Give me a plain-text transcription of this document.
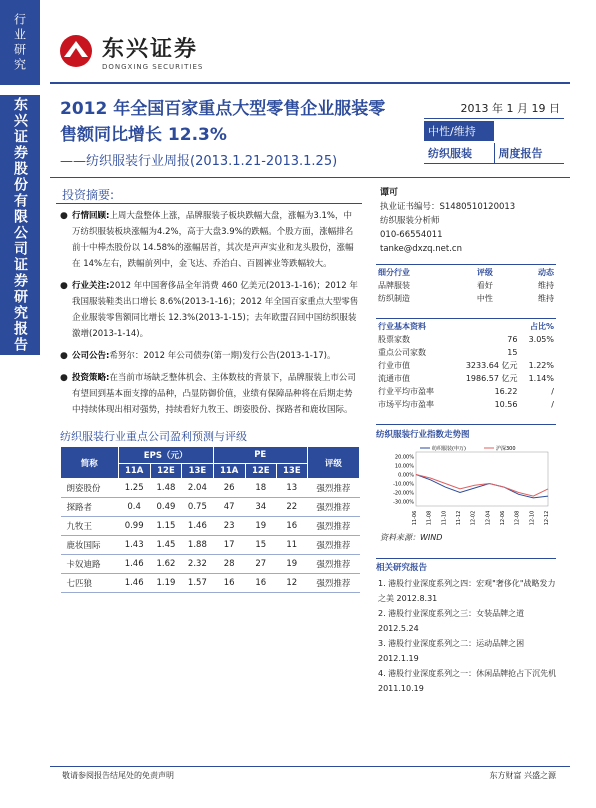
行业研究
东兴证券股份有限公司证券研究报告
东兴证券
DONGXING SECURITIES
2012 年全国百家重点大型零售企业服装零售额同比增长 12.3%
——纺织服装行业周报(2013.1.21-2013.1.25)
2013 年 1 月 19 日
中性/维持
纺织服装	周度报告
投资摘要:
● 行情回顾:上周大盘整体上涨，品牌服装子板块跌幅大盘，涨幅为3.1%，中万纺织服装板块涨幅为4.2%，高于大盘3.9%的跌幅。个股方面，涨幅排名前十中棒杰股份以 14.58%的涨幅居首，其次是声声实业和龙头股份，涨幅在 14%左右，跌幅前列中，金飞达、乔治白、百圆裤业等跌幅较大。
● 行业关注:2012 年中国奢侈品全年消费 460 亿美元(2013-1-16)；2012 年我国服装鞋类出口增长 8.6%(2013-1-16)；2012 年全国百家重点大型零售企业服装零售额同比增长 12.3%(2013-1-15)；去年欧盟召回中国纺织服装激增(2013-1-14)。
● 公司公告:希努尔：2012 年公司债券(第一期)发行公告(2013-1-17)。
● 投资策略:在当前市场缺乏整体机会、主体数枝的背景下，品牌服装上市公司有望回到基本面支撑的品种，凸显防御价值，业绩有保障品种将在后期走势中持续体现出相对强势，持续看好九牧王、朗姿股份、探路者和鹿妆国际。
纺织服装行业重点公司盈利预测与评级
简称	EPS（元）			PE			评级
	11A	12E	13E	11A	12E	13E	
朗姿股份	1.25	1.48	2.04	26	18	13	强烈推荐
探路者	0.4	0.49	0.75	47	34	22	强烈推荐
九牧王	0.99	1.15	1.46	23	19	16	强烈推荐
鹿妆国际	1.43	1.45	1.88	17	15	11	强烈推荐
卡奴迪路	1.46	1.62	2.32	28	27	19	强烈推荐
七匹狼	1.46	1.19	1.57	16	16	12	强烈推荐
谭可
执业证书编号：S1480510120013
纺织服装分析师
010-66554011
tanke@dxzq.net.cn
细分行业	评级	动态
品牌服装	看好	维持
纺织制造	中性	维持
行业基本资料		占比%
股票家数	76	3.05%
重点公司家数	15	
行业市值	3233.64 亿元	1.22%
流通市值	1986.57 亿元	1.14%
行业平均市盈率	16.22	/
市场平均市盈率	10.56	/
纺织服装行业指数走势图
20.00%
10.00%
0.00%
-10.00%
-20.00%
-30.00%
11-06 11-08 11-10 11-12 12-02 12-04 12-06 12-08 12-10 12-12
纺织服装(申万)	沪深300
资料来源：WIND
相关研究报告
1. 港股行业深度系列之四：宏观"奢侈化"战略发力之美 2012.8.31
2. 港股行业深度系列之三：女装品牌之道 2012.5.24
3. 港股行业深度系列之二：运动品牌之困 2012.1.19
4. 港股行业深度系列之一：休闲品牌抢占下沉先机 2011.10.19
敬请参阅报告结尾处的免责声明	东方财富 兴盛之源
